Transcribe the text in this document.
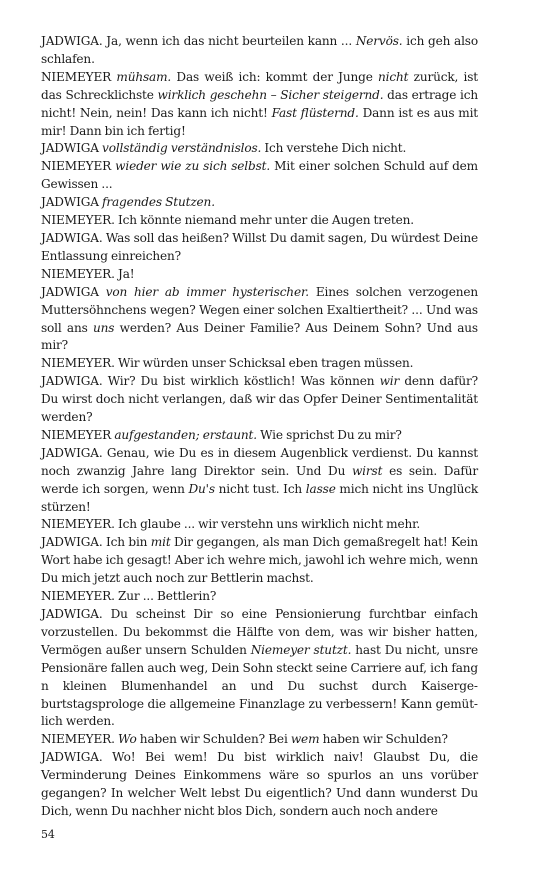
JADWIGA. Ja, wenn ich das nicht beurteilen kann ... Nervös. ich geh also schlafen.

NIEMEYER mühsam. Das weiß ich: kommt der Junge nicht zurück, ist das Schrecklichste wirklich geschehn – Sicher steigernd. das ertrage ich nicht! Nein, nein! Das kann ich nicht! Fast flüsternd. Dann ist es aus mit mir! Dann bin ich fertig!

JADWIGA vollständig verständnislos. Ich verstehe Dich nicht.

NIEMEYER wieder wie zu sich selbst. Mit einer solchen Schuld auf dem Gewissen ...

JADWIGA fragendes Stutzen.

NIEMEYER. Ich könnte niemand mehr unter die Augen treten.

JADWIGA. Was soll das heißen? Willst Du damit sagen, Du würdest Deine Entlassung einreichen?

NIEMEYER. Ja!

JADWIGA von hier ab immer hysterischer. Eines solchen verzogenen Muttersöhnchens wegen? Wegen einer solchen Exaltiertheit? ... Und was soll ans uns werden? Aus Deiner Familie? Aus Deinem Sohn? Und aus mir?

NIEMEYER. Wir würden unser Schicksal eben tragen müssen.

JADWIGA. Wir? Du bist wirklich köstlich! Was können wir denn dafür? Du wirst doch nicht verlangen, daß wir das Opfer Deiner Sentimentalität werden?

NIEMEYER aufgestanden; erstaunt. Wie sprichst Du zu mir?

JADWIGA. Genau, wie Du es in diesem Augenblick verdienst. Du kannst noch zwanzig Jahre lang Direktor sein. Und Du wirst es sein. Dafür werde ich sorgen, wenn Du's nicht tust. Ich lasse mich nicht ins Unglück stürzen!

NIEMEYER. Ich glaube ... wir verstehn uns wirklich nicht mehr.

JADWIGA. Ich bin mit Dir gegangen, als man Dich gemaßregelt hat! Kein Wort habe ich gesagt! Aber ich wehre mich, jawohl ich wehre mich, wenn Du mich jetzt auch noch zur Bettlerin machst.

NIEMEYER. Zur ... Bettlerin?

JADWIGA. Du scheinst Dir so eine Pensionierung furchtbar einfach vorzustellen. Du bekommst die Hälfte von dem, was wir bisher hatten, Vermögen außer unsern Schulden Niemeyer stutzt. hast Du nicht, unsre Pensionäre fallen auch weg, Dein Sohn steckt seine Carriere auf, ich fang n kleinen Blumenhandel an und Du suchst durch Kaisergeburtstagsprologe die allgemeine Finanzlage zu verbessern! Kann gemütlich werden.

NIEMEYER. Wo haben wir Schulden? Bei wem haben wir Schulden?

JADWIGA. Wo! Bei wem! Du bist wirklich naiv! Glaubst Du, die Verminderung Deines Einkommens wäre so spurlos an uns vorüber gegangen? In welcher Welt lebst Du eigentlich? Und dann wunderst Du Dich, wenn Du nachher nicht blos Dich, sondern auch noch andere

54
